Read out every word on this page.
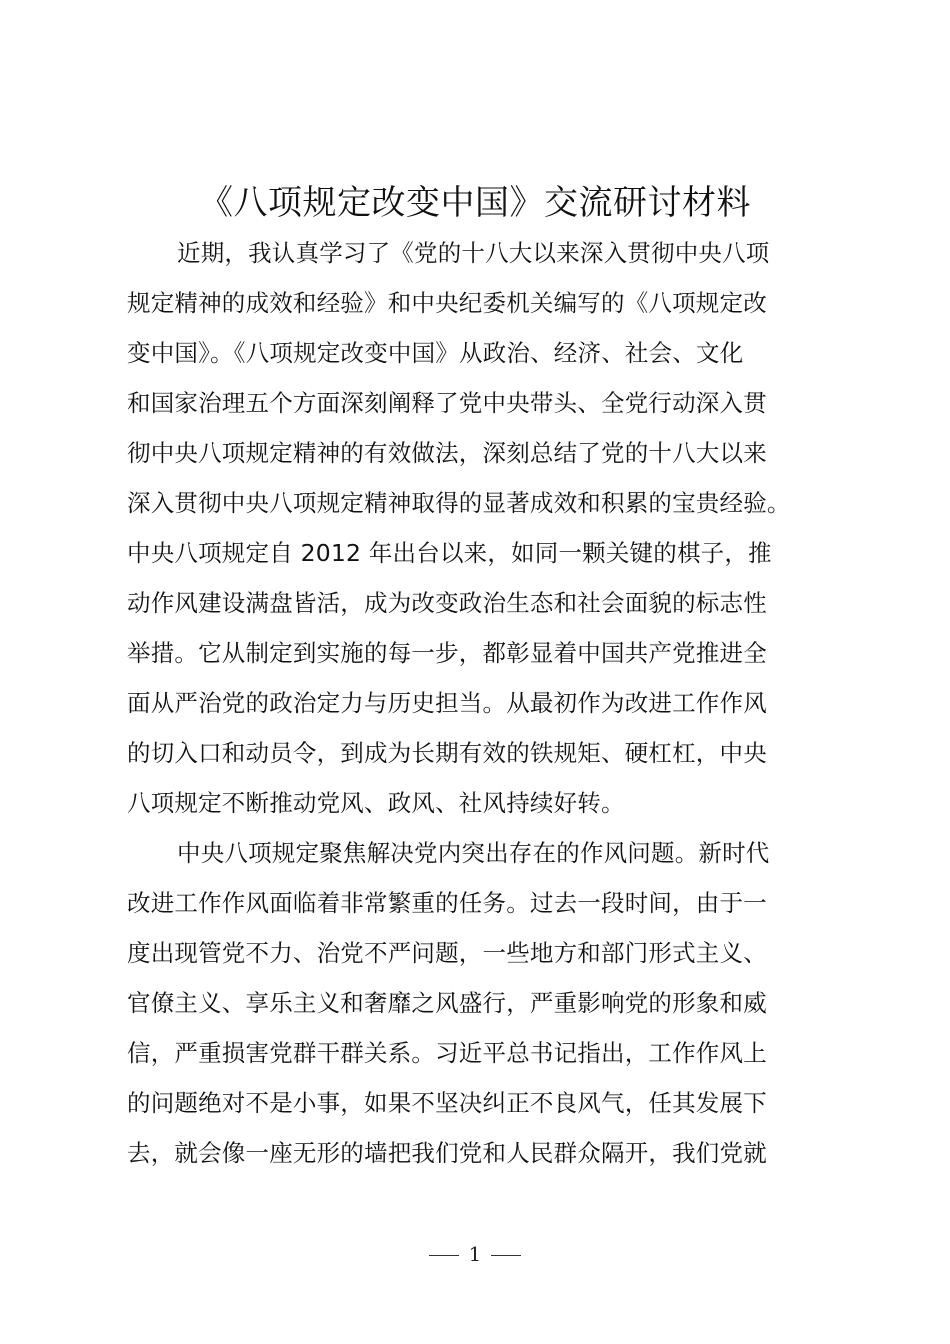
《八项规定改变中国》交流研讨材料
近期，我认真学习了《党的十八大以来深入贯彻中央八项
规定精神的成效和经验》和中央纪委机关编写的《八项规定改
变中国》。《八项规定改变中国》从政治、经济、社会、文化
和国家治理五个方面深刻阐释了党中央带头、全党行动深入贯
彻中央八项规定精神的有效做法，深刻总结了党的十八大以来
深入贯彻中央八项规定精神取得的显著成效和积累的宝贵经验。
中央八项规定自 2012 年出台以来，如同一颗关键的棋子，推
动作风建设满盘皆活，成为改变政治生态和社会面貌的标志性
举措。它从制定到实施的每一步，都彰显着中国共产党推进全
面从严治党的政治定力与历史担当。从最初作为改进工作作风
的切入口和动员令，到成为长期有效的铁规矩、硬杠杠，中央
八项规定不断推动党风、政风、社风持续好转。
中央八项规定聚焦解决党内突出存在的作风问题。新时代
改进工作作风面临着非常繁重的任务。过去一段时间，由于一
度出现管党不力、治党不严问题，一些地方和部门形式主义、
官僚主义、享乐主义和奢靡之风盛行，严重影响党的形象和威
信，严重损害党群干群关系。习近平总书记指出，工作作风上
的问题绝对不是小事，如果不坚决纠正不良风气，任其发展下
去，就会像一座无形的墙把我们党和人民群众隔开，我们党就
1
